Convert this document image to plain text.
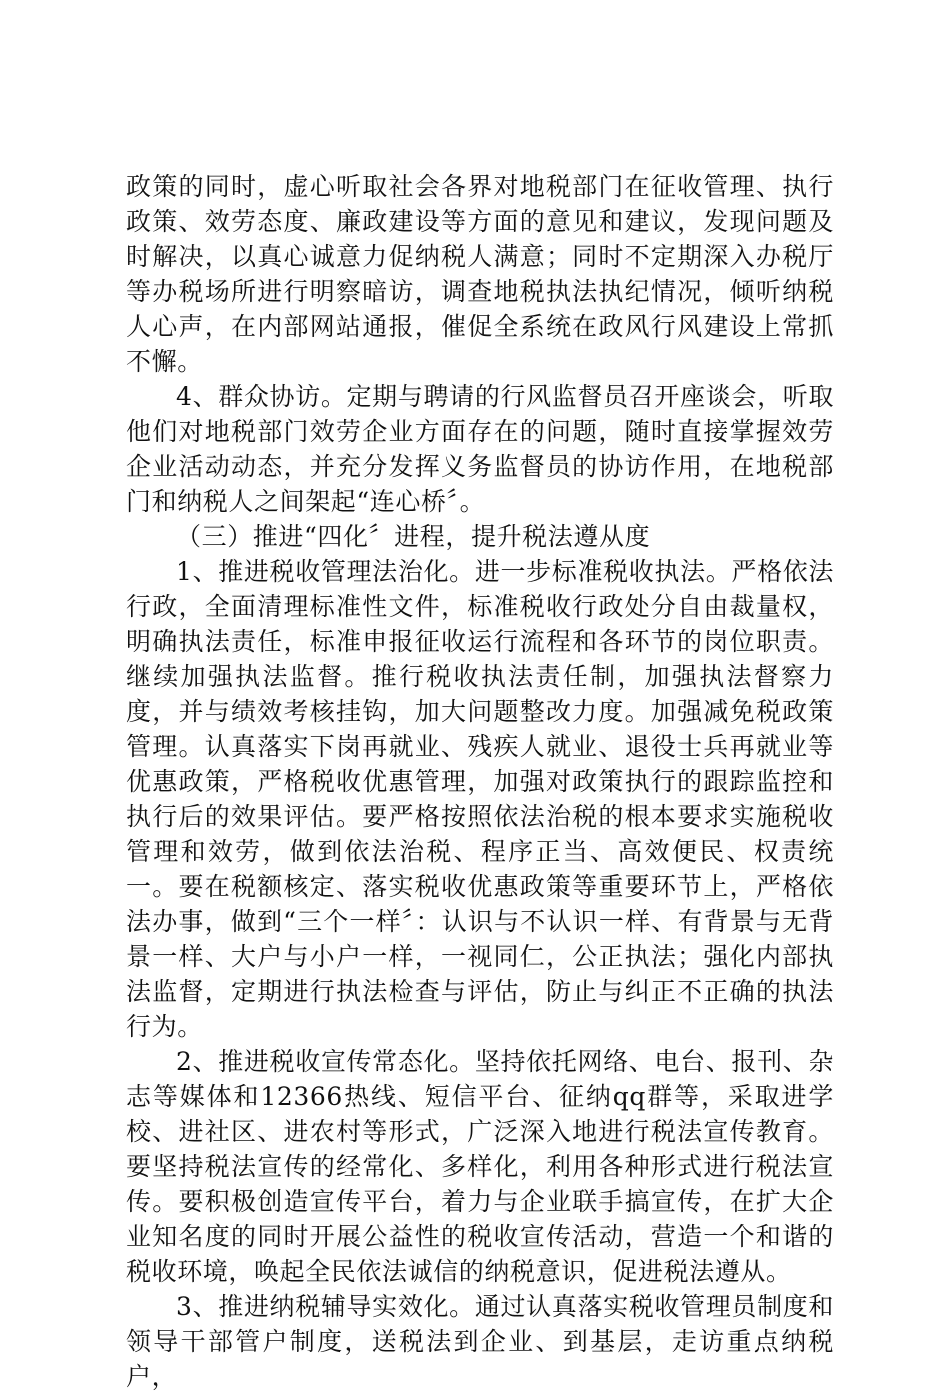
政策的同时，虚心听取社会各界对地税部门在征收管理、执行政策、效劳态度、廉政建设等方面的意见和建议，发现问题及时解决，以真心诚意力促纳税人满意；同时不定期深入办税厅等办税场所进行明察暗访，调查地税执法执纪情况，倾听纳税人心声，在内部网站通报，催促全系统在政风行风建设上常抓不懈。

4、群众协访。定期与聘请的行风监督员召开座谈会，听取他们对地税部门效劳企业方面存在的问题，随时直接掌握效劳企业活动动态，并充分发挥义务监督员的协访作用，在地税部门和纳税人之间架起“连心桥〞。

（三）推进“四化〞进程，提升税法遵从度

1、推进税收管理法治化。进一步标准税收执法。严格依法行政，全面清理标准性文件，标准税收行政处分自由裁量权，明确执法责任，标准申报征收运行流程和各环节的岗位职责。继续加强执法监督。推行税收执法责任制，加强执法督察力度，并与绩效考核挂钩，加大问题整改力度。加强减免税政策管理。认真落实下岗再就业、残疾人就业、退役士兵再就业等优惠政策，严格税收优惠管理，加强对政策执行的跟踪监控和执行后的效果评估。要严格按照依法治税的根本要求实施税收管理和效劳，做到依法治税、程序正当、高效便民、权责统一。要在税额核定、落实税收优惠政策等重要环节上，严格依法办事，做到“三个一样〞：认识与不认识一样、有背景与无背景一样、大户与小户一样，一视同仁，公正执法；强化内部执法监督，定期进行执法检查与评估，防止与纠正不正确的执法行为。

2、推进税收宣传常态化。坚持依托网络、电台、报刊、杂志等媒体和12366热线、短信平台、征纳qq群等，采取进学校、进社区、进农村等形式，广泛深入地进行税法宣传教育。要坚持税法宣传的经常化、多样化，利用各种形式进行税法宣传。要积极创造宣传平台，着力与企业联手搞宣传，在扩大企业知名度的同时开展公益性的税收宣传活动，营造一个和谐的税收环境，唤起全民依法诚信的纳税意识，促进税法遵从。

3、推进纳税辅导实效化。通过认真落实税收管理员制度和领导干部管户制度，送税法到企业、到基层，走访重点纳税户，
